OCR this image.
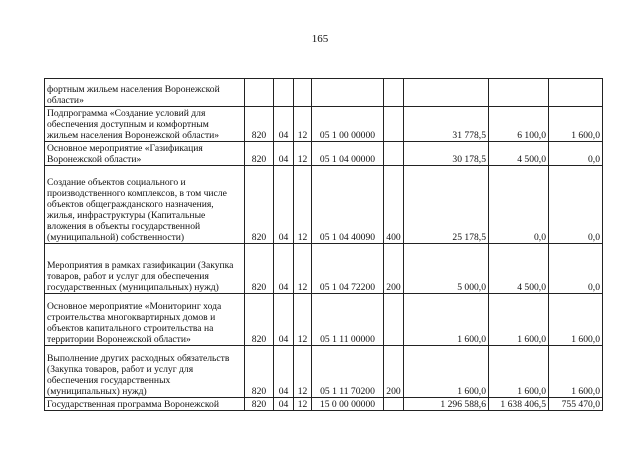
165
фортным жильем населения Воронежской области»								

Подпрограмма «Создание условий для обеспечения доступным и комфортным жильем населения Воронежской области»	820	04	12	05 1 00 00000		31 778,5	6 100,0	1 600,0

Основное мероприятие «Газификация Воронежской области»	820	04	12	05 1 04 00000		30 178,5	4 500,0	0,0

Создание объектов социального и производственного комплексов, в том числе объектов общегражданского назначения, жилья, инфраструктуры (Капитальные вложения в объекты государственной (муниципальной) собственности)	820	04	12	05 1 04 40090	400	25 178,5	0,0	0,0

Мероприятия в рамках газификации (Закупка товаров, работ и услуг для обеспечения государственных (муниципальных) нужд)	820	04	12	05 1 04 72200	200	5 000,0	4 500,0	0,0

Основное мероприятие «Мониторинг хода строительства многоквартирных домов и объектов капитального строительства на территории Воронежской области»	820	04	12	05 1 11 00000		1 600,0	1 600,0	1 600,0

Выполнение других расходных обязательств (Закупка товаров, работ и услуг для обеспечения государственных (муниципальных) нужд)	820	04	12	05 1 11 70200	200	1 600,0	1 600,0	1 600,0

Государственная программа Воронежской	820	04	12	15 0 00 00000		1 296 588,6	1 638 406,5	755 470,0
